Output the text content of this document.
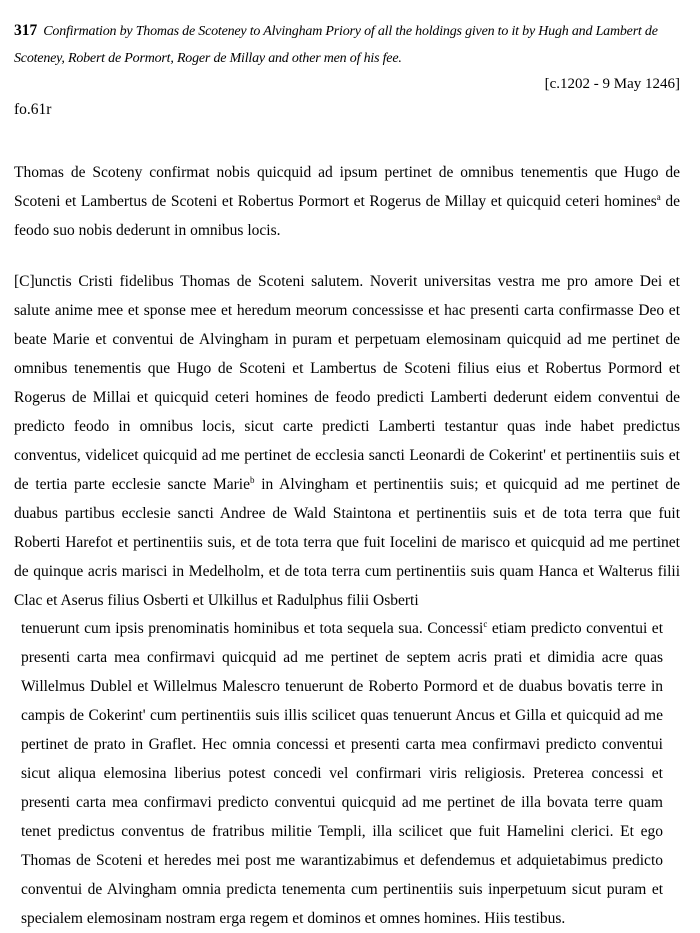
317 Confirmation by Thomas de Scoteney to Alvingham Priory of all the holdings given to it by Hugh and Lambert de Scoteney, Robert de Pormort, Roger de Millay and other men of his fee.
[c.1202 - 9 May 1246]
fo.61r
Thomas de Scoteny confirmat nobis quicquid ad ipsum pertinet de omnibus tenementis que Hugo de Scoteni et Lambertus de Scoteni et Robertus Pormort et Rogerus de Millay et quicquid ceteri homines$^a$ de feodo suo nobis dederunt in omnibus locis.
[C]unctis Cristi fidelibus Thomas de Scoteni salutem. Noverit universitas vestra me pro amore Dei et salute anime mee et sponse mee et heredum meorum concessisse et hac presenti carta confirmasse Deo et beate Marie et conventui de Alvingham in puram et perpetuam elemosinam quicquid ad me pertinet de omnibus tenementis que Hugo de Scoteni et Lambertus de Scoteni filius eius et Robertus Pormord et Rogerus de Millai et quicquid ceteri homines de feodo predicti Lamberti dederunt eidem conventui de predicto feodo in omnibus locis, sicut carte predicti Lamberti testantur quas inde habet predictus conventus, videlicet quicquid ad me pertinet de ecclesia sancti Leonardi de Cokerint' et pertinentiis suis et de tertia parte ecclesie sancte Marie$^b$ in Alvingham et pertinentiis suis; et quicquid ad me pertinet de duabus partibus ecclesie sancti Andree de Wald Staintona et pertinentiis suis et de tota terra que fuit Roberti Harefot et pertinentiis suis, et de tota terra que fuit Iocelini de marisco et quicquid ad me pertinet de quinque acris marisci in Medelholm, et de tota terra cum pertinentiis suis quam Hanca et Walterus filii Clac et Aserus filius Osberti et Ulkillus et Radulphus filii Osberti
tenuerunt cum ipsis prenominatis hominibus et tota sequela sua. Concessi$^c$ etiam predicto conventui et presenti carta mea confirmavi quicquid ad me pertinet de septem acris prati et dimidia acre quas Willelmus Dublel et Willelmus Malescro tenuerunt de Roberto Pormord et de duabus bovatis terre in campis de Cokerint' cum pertinentiis suis illis scilicet quas tenuerunt Ancus et Gilla et quicquid ad me pertinet de prato in Graflet. Hec omnia concessi et presenti carta mea confirmavi predicto conventui sicut aliqua elemosina liberius potest concedi vel confirmari viris religiosis. Preterea concessi et presenti carta mea confirmavi predicto conventui quicquid ad me pertinet de illa bovata terre quam tenet predictus conventus de fratribus militie Templi, illa scilicet que fuit Hamelini clerici. Et ego Thomas de Scoteni et heredes mei post me warantizabimus et defendemus et adquietabimus predicto conventui de Alvingham omnia predicta tenementa cum pertinentiis suis inperpetuum sicut puram et specialem elemosinam nostram erga regem et dominos et omnes homines. Hiis testibus.
